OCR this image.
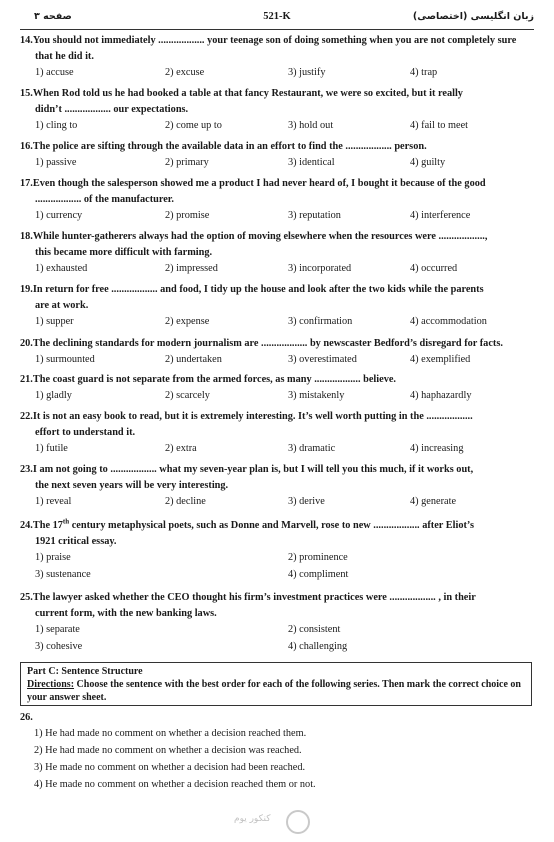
صفحه ۳	521-K	زبان انگلیسی (اختصاصی)
14.You should not immediately .................. your teenage son of doing something when you are not completely sure
that he did it.
1) accuse	2) excuse	3) justify	4) trap
15.When Rod told us he had booked a table at that fancy Restaurant, we were so excited, but it really
didn’t .................. our expectations.
1) cling to	2) come up to	3) hold out	4) fail to meet
16.The police are sifting through the available data in an effort to find the .................. person.
1) passive	2) primary	3) identical	4) guilty
17.Even though the salesperson showed me a product I had never heard of, I bought it because of the good
.................. of the manufacturer.
1) currency	2) promise	3) reputation	4) interference
18.While hunter-gatherers always had the option of moving elsewhere when the resources were ..................,
this became more difficult with farming.
1) exhausted	2) impressed	3) incorporated	4) occurred
19.In return for free .................. and food, I tidy up the house and look after the two kids while the parents
are at work.
1) supper	2) expense	3) confirmation	4) accommodation
20.The declining standards for modern journalism are .................. by newscaster Bedford’s disregard for facts.
1) surmounted	2) undertaken	3) overestimated	4) exemplified
21.The coast guard is not separate from the armed forces, as many .................. believe.
1) gladly	2) scarcely	3) mistakenly	4) haphazardly
22.It is not an easy book to read, but it is extremely interesting. It’s well worth putting in the ..................
effort to understand it.
1) futile	2) extra	3) dramatic	4) increasing
23.I am not going to .................. what my seven-year plan is, but I will tell you this much, if it works out,
the next seven years will be very interesting.
1) reveal	2) decline	3) derive	4) generate
24.The 17th century metaphysical poets, such as Donne and Marvell, rose to new .................. after Eliot’s
1921 critical essay.
1) praise	2) prominence
3) sustenance	4) compliment
25.The lawyer asked whether the CEO thought his firm’s investment practices were .................. , in their
current form, with the new banking laws.
1) separate	2) consistent
3) cohesive	4) challenging
Part C: Sentence Structure
Directions: Choose the sentence with the best order for each of the following series. Then mark the correct choice on your answer sheet.
26.
1) He had made no comment on whether a decision reached them.
2) He had made no comment on whether a decision was reached.
3) He made no comment on whether a decision had been reached.
4) He made no comment on whether a decision reached them or not.
کنکور یوم
